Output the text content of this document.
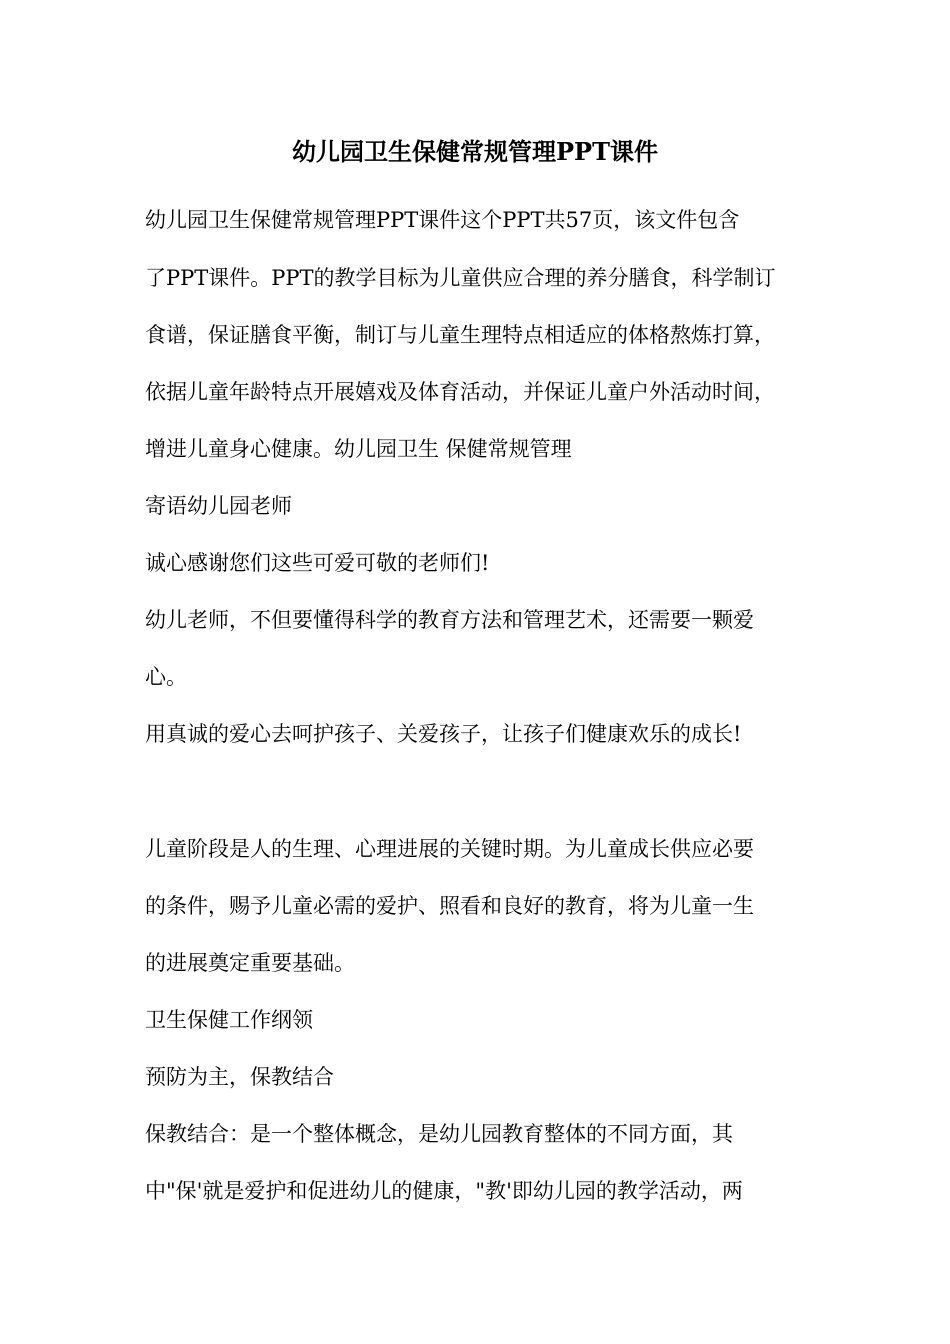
幼儿园卫生保健常规管理PPT课件
幼儿园卫生保健常规管理PPT课件这个PPT共57页，该文件包含
了PPT课件。PPT的教学目标为儿童供应合理的养分膳食，科学制订
食谱，保证膳食平衡，制订与儿童生理特点相适应的体格熬炼打算，
依据儿童年龄特点开展嬉戏及体育活动，并保证儿童户外活动时间，
增进儿童身心健康。幼儿园卫生 保健常规管理
寄语幼儿园老师
诚心感谢您们这些可爱可敬的老师们!
幼儿老师，不但要懂得科学的教育方法和管理艺术，还需要一颗爱
心。
用真诚的爱心去呵护孩子、关爱孩子，让孩子们健康欢乐的成长!
儿童阶段是人的生理、心理进展的关键时期。为儿童成长供应必要
的条件，赐予儿童必需的爱护、照看和良好的教育，将为儿童一生
的进展奠定重要基础。
卫生保健工作纲领
预防为主，保教结合
保教结合：是一个整体概念，是幼儿园教育整体的不同方面，其
中"保'就是爱护和促进幼儿的健康，"教'即幼儿园的教学活动，两
